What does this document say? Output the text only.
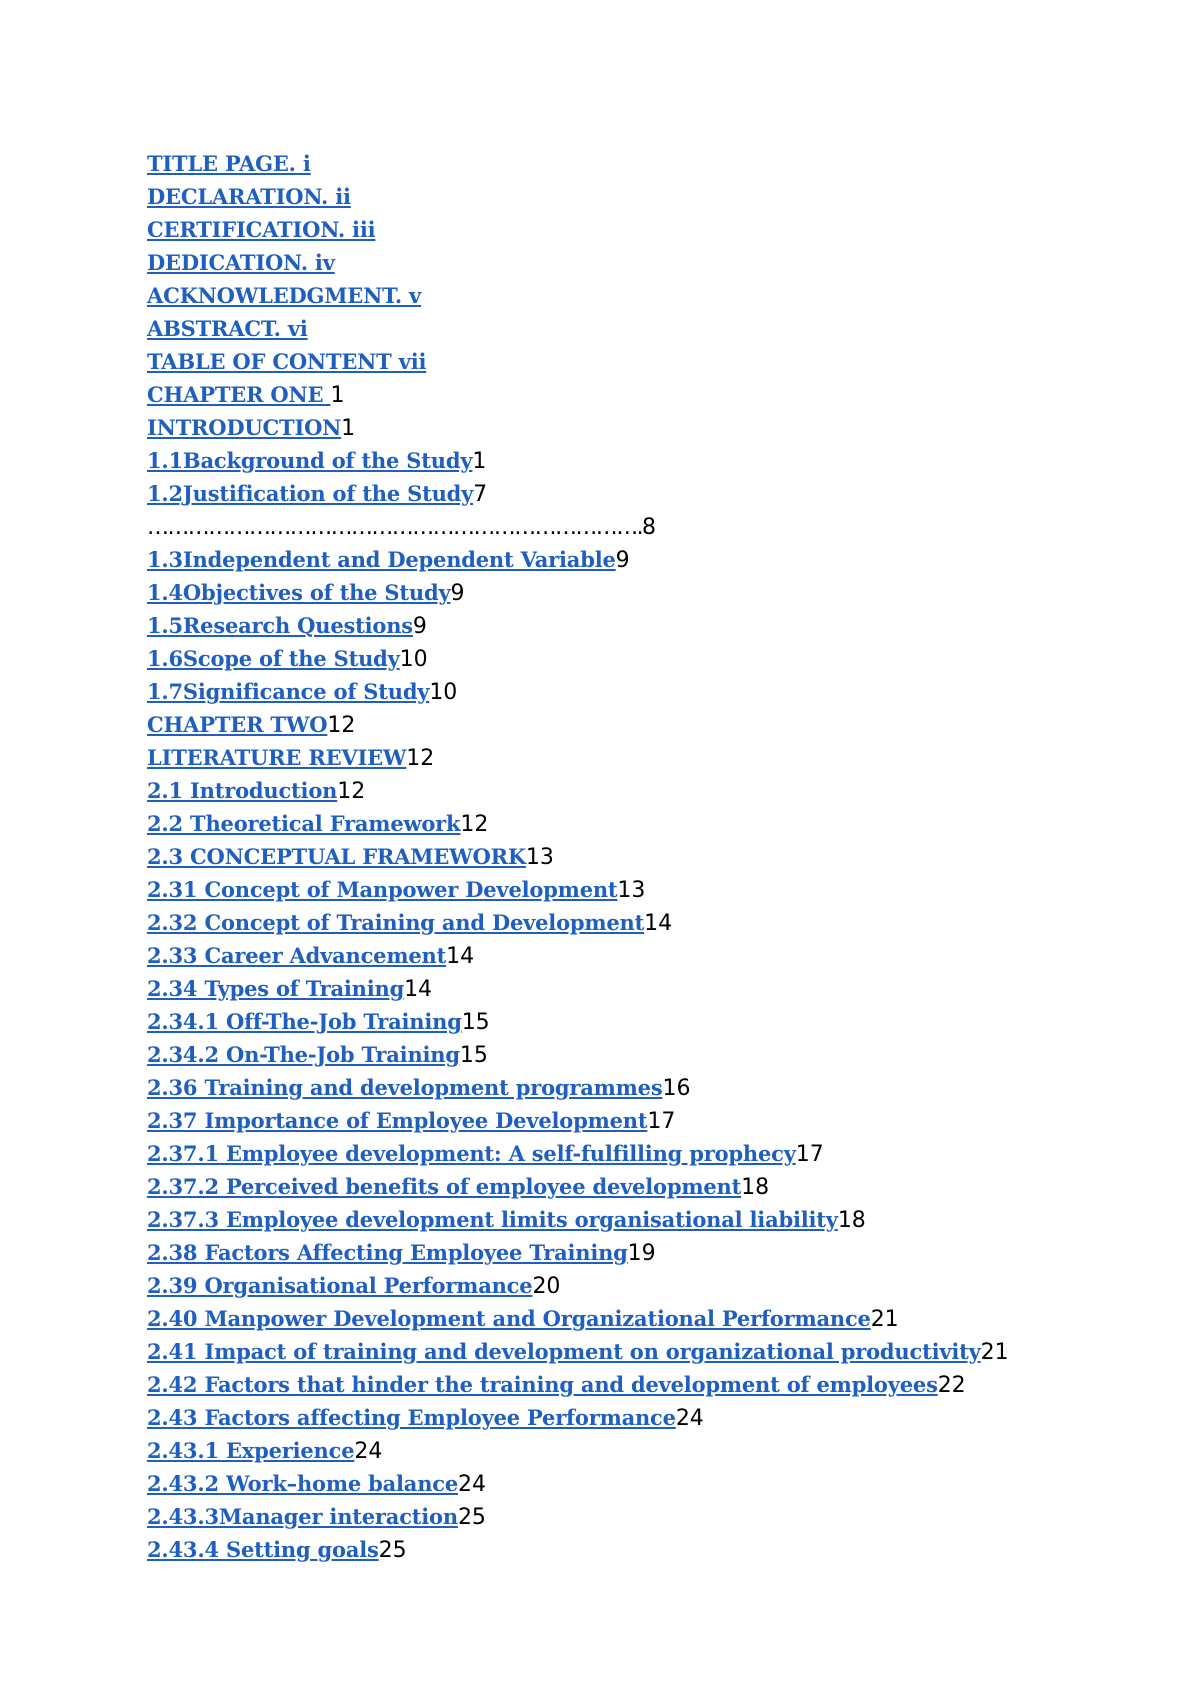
TITLE PAGE. i
DECLARATION. ii
CERTIFICATION. iii
DEDICATION. iv
ACKNOWLEDGMENT. v
ABSTRACT. vi
TABLE OF CONTENT vii
CHAPTER ONE 1
INTRODUCTION1
1.1Background of the Study1
1.2Justification of the Study7
……………………………………………………………….8
1.3Independent and Dependent Variable9
1.4Objectives of the Study9
1.5Research Questions9
1.6Scope of the Study10
1.7Significance of Study10
CHAPTER TWO12
LITERATURE REVIEW12
2.1 Introduction12
2.2 Theoretical Framework12
2.3 CONCEPTUAL FRAMEWORK13
2.31 Concept of Manpower Development13
2.32 Concept of Training and Development14
2.33 Career Advancement14
2.34 Types of Training14
2.34.1 Off-The-Job Training15
2.34.2 On-The-Job Training15
2.36 Training and development programmes16
2.37 Importance of Employee Development17
2.37.1 Employee development: A self-fulfilling prophecy17
2.37.2 Perceived benefits of employee development18
2.37.3 Employee development limits organisational liability18
2.38 Factors Affecting Employee Training19
2.39 Organisational Performance20
2.40 Manpower Development and Organizational Performance21
2.41 Impact of training and development on organizational productivity21
2.42 Factors that hinder the training and development of employees22
2.43 Factors affecting Employee Performance24
2.43.1 Experience24
2.43.2 Work–home balance24
2.43.3Manager interaction25
2.43.4 Setting goals25
